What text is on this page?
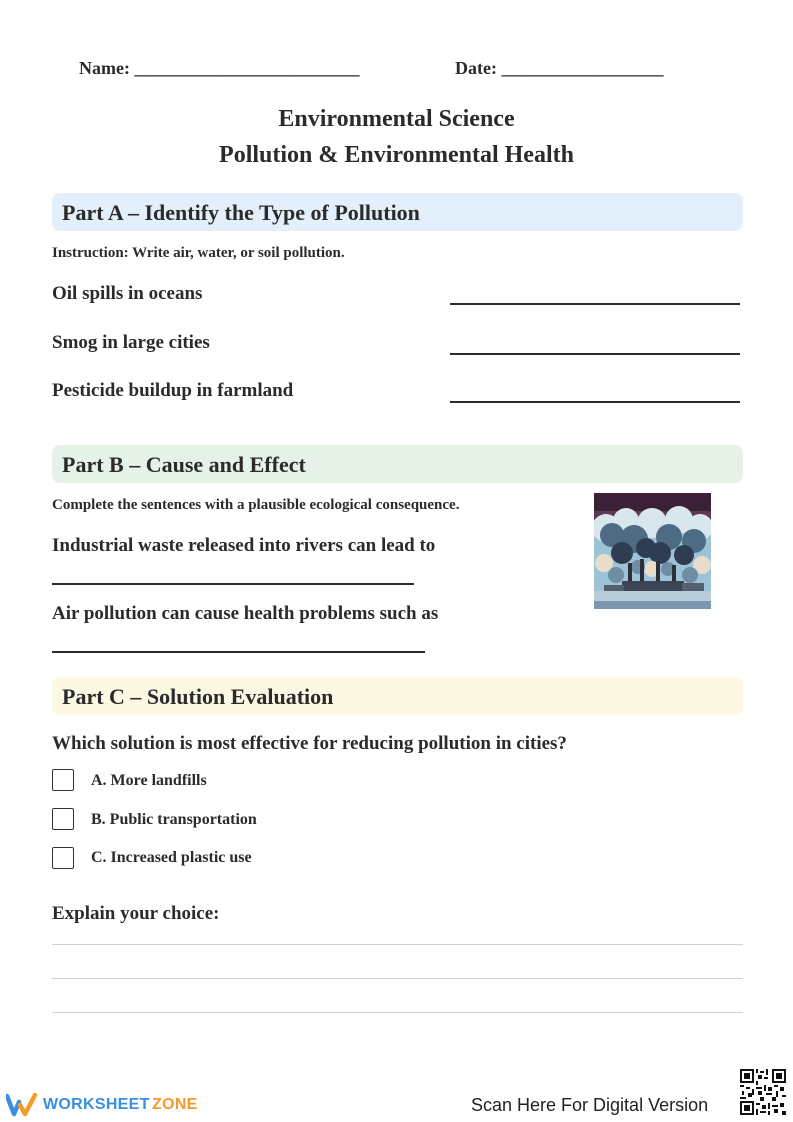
Name: _________________________	Date: __________________
Environmental Science
Pollution & Environmental Health
Part A – Identify the Type of Pollution
Instruction: Write air, water, or soil pollution.
Oil spills in oceans
Smog in large cities
Pesticide buildup in farmland
Part B – Cause and Effect
Complete the sentences with a plausible ecological consequence.
Industrial waste released into rivers can lead to
Air pollution can cause health problems such as
Part C – Solution Evaluation
Which solution is most effective for reducing pollution in cities?
A. More landfills
B. Public transportation
C. Increased plastic use
Explain your choice:
WORKSHEET ZONE	Scan Here For Digital Version
